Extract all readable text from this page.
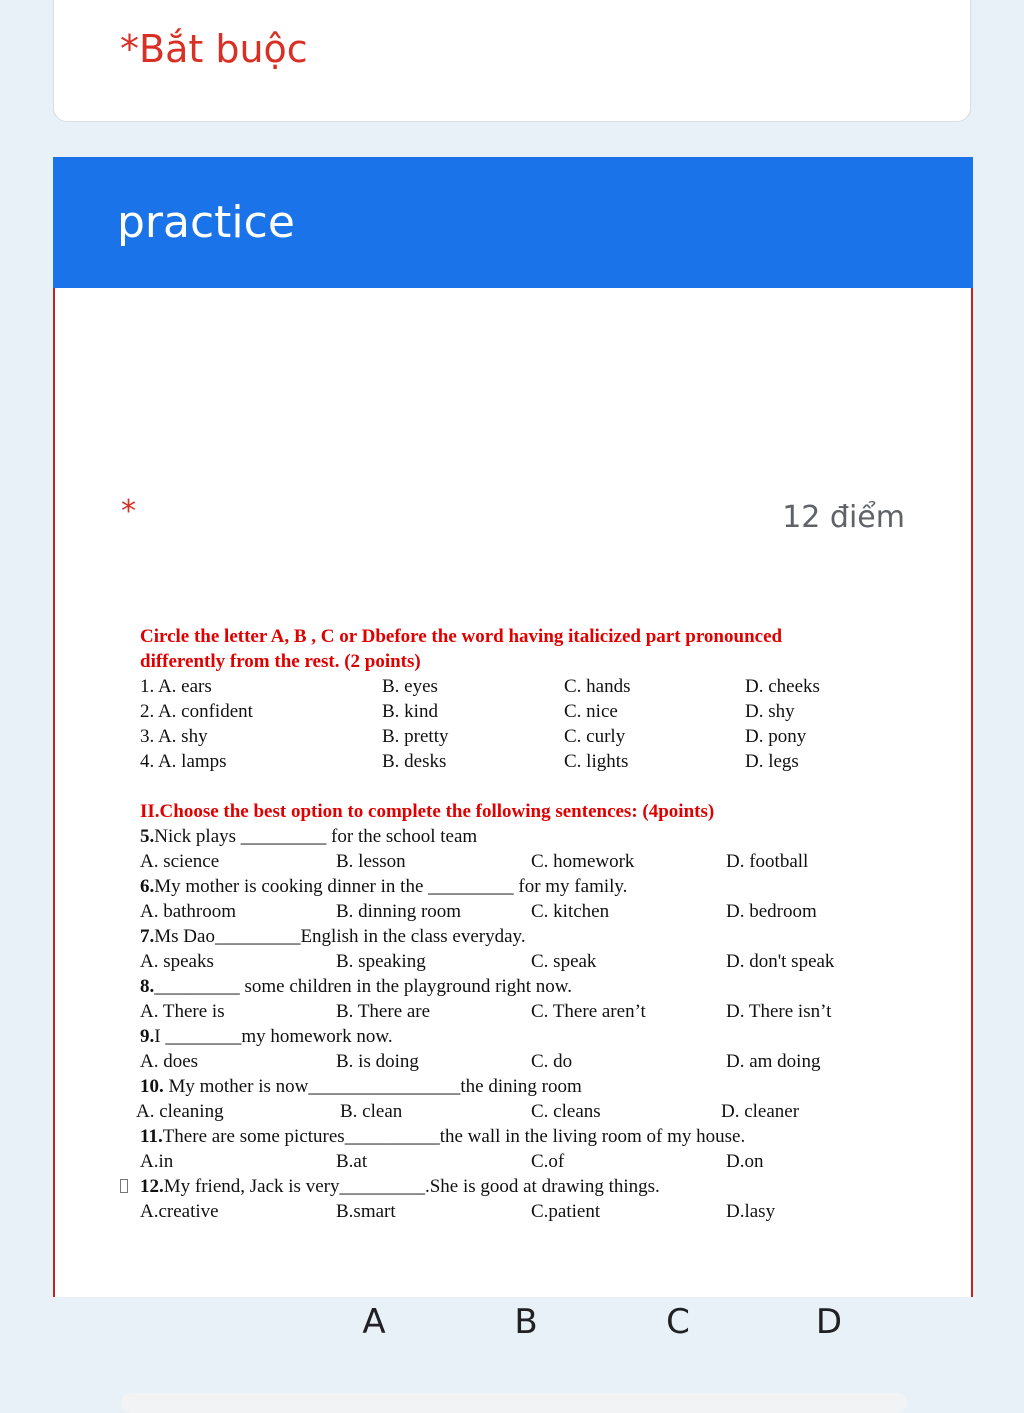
*Bắt buộc
practice
*	12 điểm
Circle the letter A, B , C or Dbefore the word having italicized part pronounced
differently from the rest. (2 points)
1. A. ears	B. eyes	C. hands	D. cheeks
2. A. confident	B. kind	C. nice	D. shy
3. A. shy	B. pretty	C. curly	D. pony
4. A. lamps	B. desks	C. lights	D. legs
II.Choose the best option to complete the following sentences: (4points)
5.Nick plays _________ for the school team
A. science	B. lesson	C. homework	D. football
6.My mother is cooking dinner in the _________ for my family.
A. bathroom	B. dinning room	C. kitchen	D. bedroom
7.Ms Dao_________English in the class everyday.
A. speaks	B. speaking	C. speak	D. don't speak
8._________ some children in the playground right now.
A. There is	B. There are	C. There aren’t	D. There isn’t
9.I ________my homework now.
A. does	B. is doing	C. do	D. am doing
10. My mother is now________________the dining room
A. cleaning	B. clean	C. cleans	D. cleaner
11.There are some pictures__________the wall in the living room of my house.
A.in	B.at	C.of	D.on
12.My friend, Jack is very_________.She is good at drawing things.
A.creative	B.smart	C.patient	D.lasy
A	B	C	D
